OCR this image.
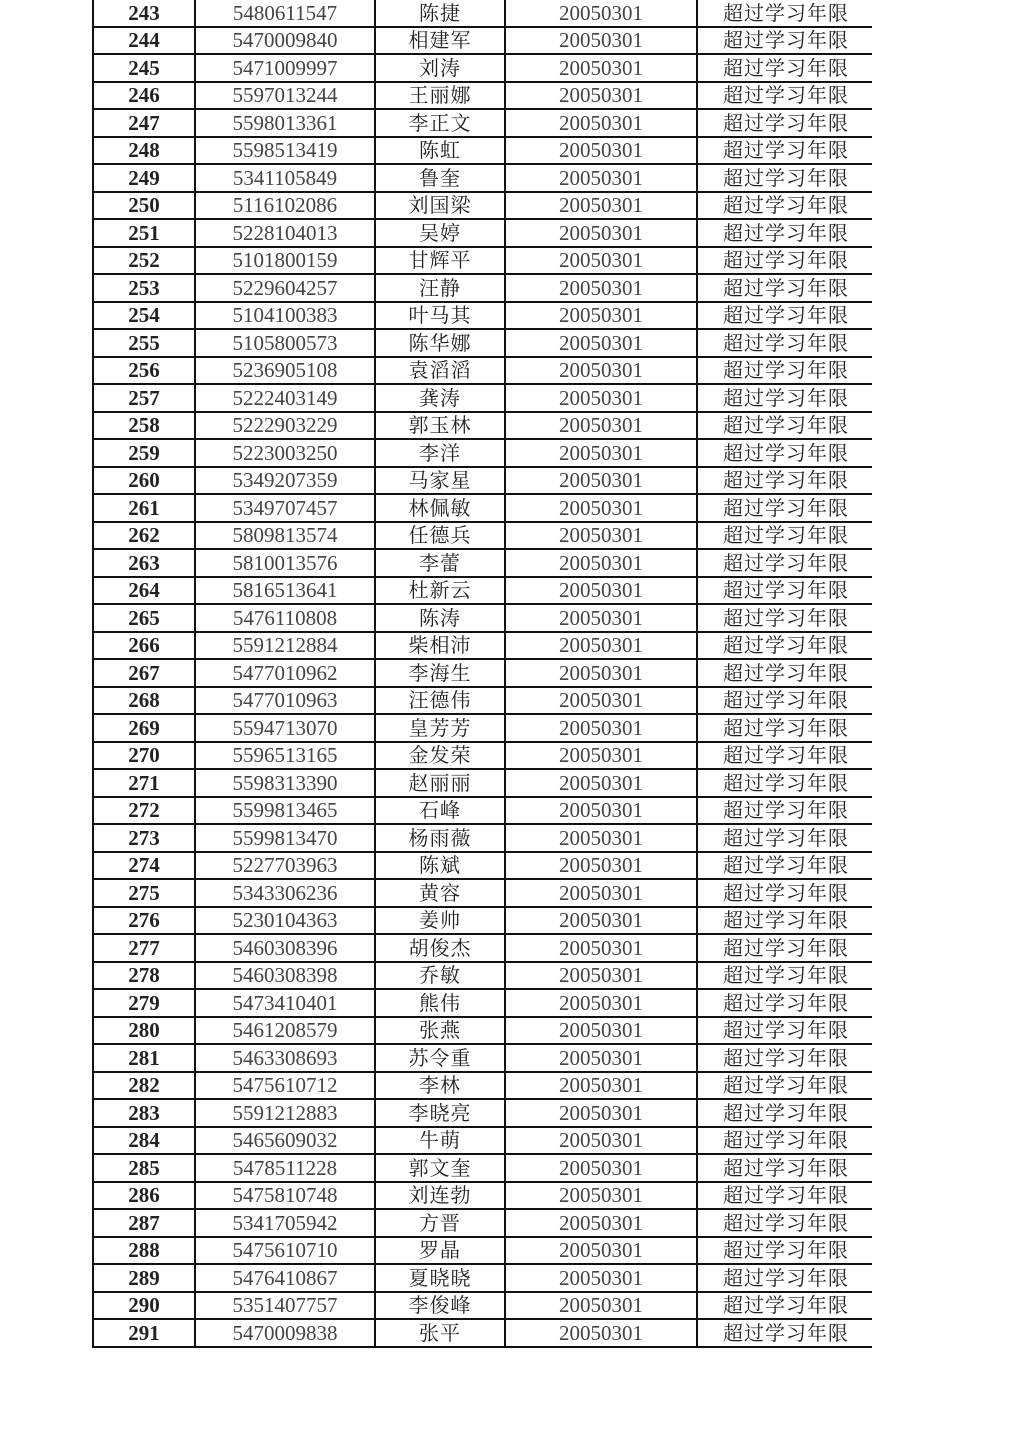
243	5480611547	陈捷	20050301	超过学习年限
244	5470009840	相建军	20050301	超过学习年限
245	5471009997	刘涛	20050301	超过学习年限
246	5597013244	王丽娜	20050301	超过学习年限
247	5598013361	李正文	20050301	超过学习年限
248	5598513419	陈虹	20050301	超过学习年限
249	5341105849	鲁奎	20050301	超过学习年限
250	5116102086	刘国梁	20050301	超过学习年限
251	5228104013	吴婷	20050301	超过学习年限
252	5101800159	甘辉平	20050301	超过学习年限
253	5229604257	汪静	20050301	超过学习年限
254	5104100383	叶马其	20050301	超过学习年限
255	5105800573	陈华娜	20050301	超过学习年限
256	5236905108	袁滔滔	20050301	超过学习年限
257	5222403149	龚涛	20050301	超过学习年限
258	5222903229	郭玉林	20050301	超过学习年限
259	5223003250	李洋	20050301	超过学习年限
260	5349207359	马家星	20050301	超过学习年限
261	5349707457	林佩敏	20050301	超过学习年限
262	5809813574	任德兵	20050301	超过学习年限
263	5810013576	李蕾	20050301	超过学习年限
264	5816513641	杜新云	20050301	超过学习年限
265	5476110808	陈涛	20050301	超过学习年限
266	5591212884	柴相沛	20050301	超过学习年限
267	5477010962	李海生	20050301	超过学习年限
268	5477010963	汪德伟	20050301	超过学习年限
269	5594713070	皇芳芳	20050301	超过学习年限
270	5596513165	金发荣	20050301	超过学习年限
271	5598313390	赵丽丽	20050301	超过学习年限
272	5599813465	石峰	20050301	超过学习年限
273	5599813470	杨雨薇	20050301	超过学习年限
274	5227703963	陈斌	20050301	超过学习年限
275	5343306236	黄容	20050301	超过学习年限
276	5230104363	姜帅	20050301	超过学习年限
277	5460308396	胡俊杰	20050301	超过学习年限
278	5460308398	乔敏	20050301	超过学习年限
279	5473410401	熊伟	20050301	超过学习年限
280	5461208579	张燕	20050301	超过学习年限
281	5463308693	苏令重	20050301	超过学习年限
282	5475610712	李林	20050301	超过学习年限
283	5591212883	李晓亮	20050301	超过学习年限
284	5465609032	牛萌	20050301	超过学习年限
285	5478511228	郭文奎	20050301	超过学习年限
286	5475810748	刘连勃	20050301	超过学习年限
287	5341705942	方晋	20050301	超过学习年限
288	5475610710	罗晶	20050301	超过学习年限
289	5476410867	夏晓晓	20050301	超过学习年限
290	5351407757	李俊峰	20050301	超过学习年限
291	5470009838	张平	20050301	超过学习年限
